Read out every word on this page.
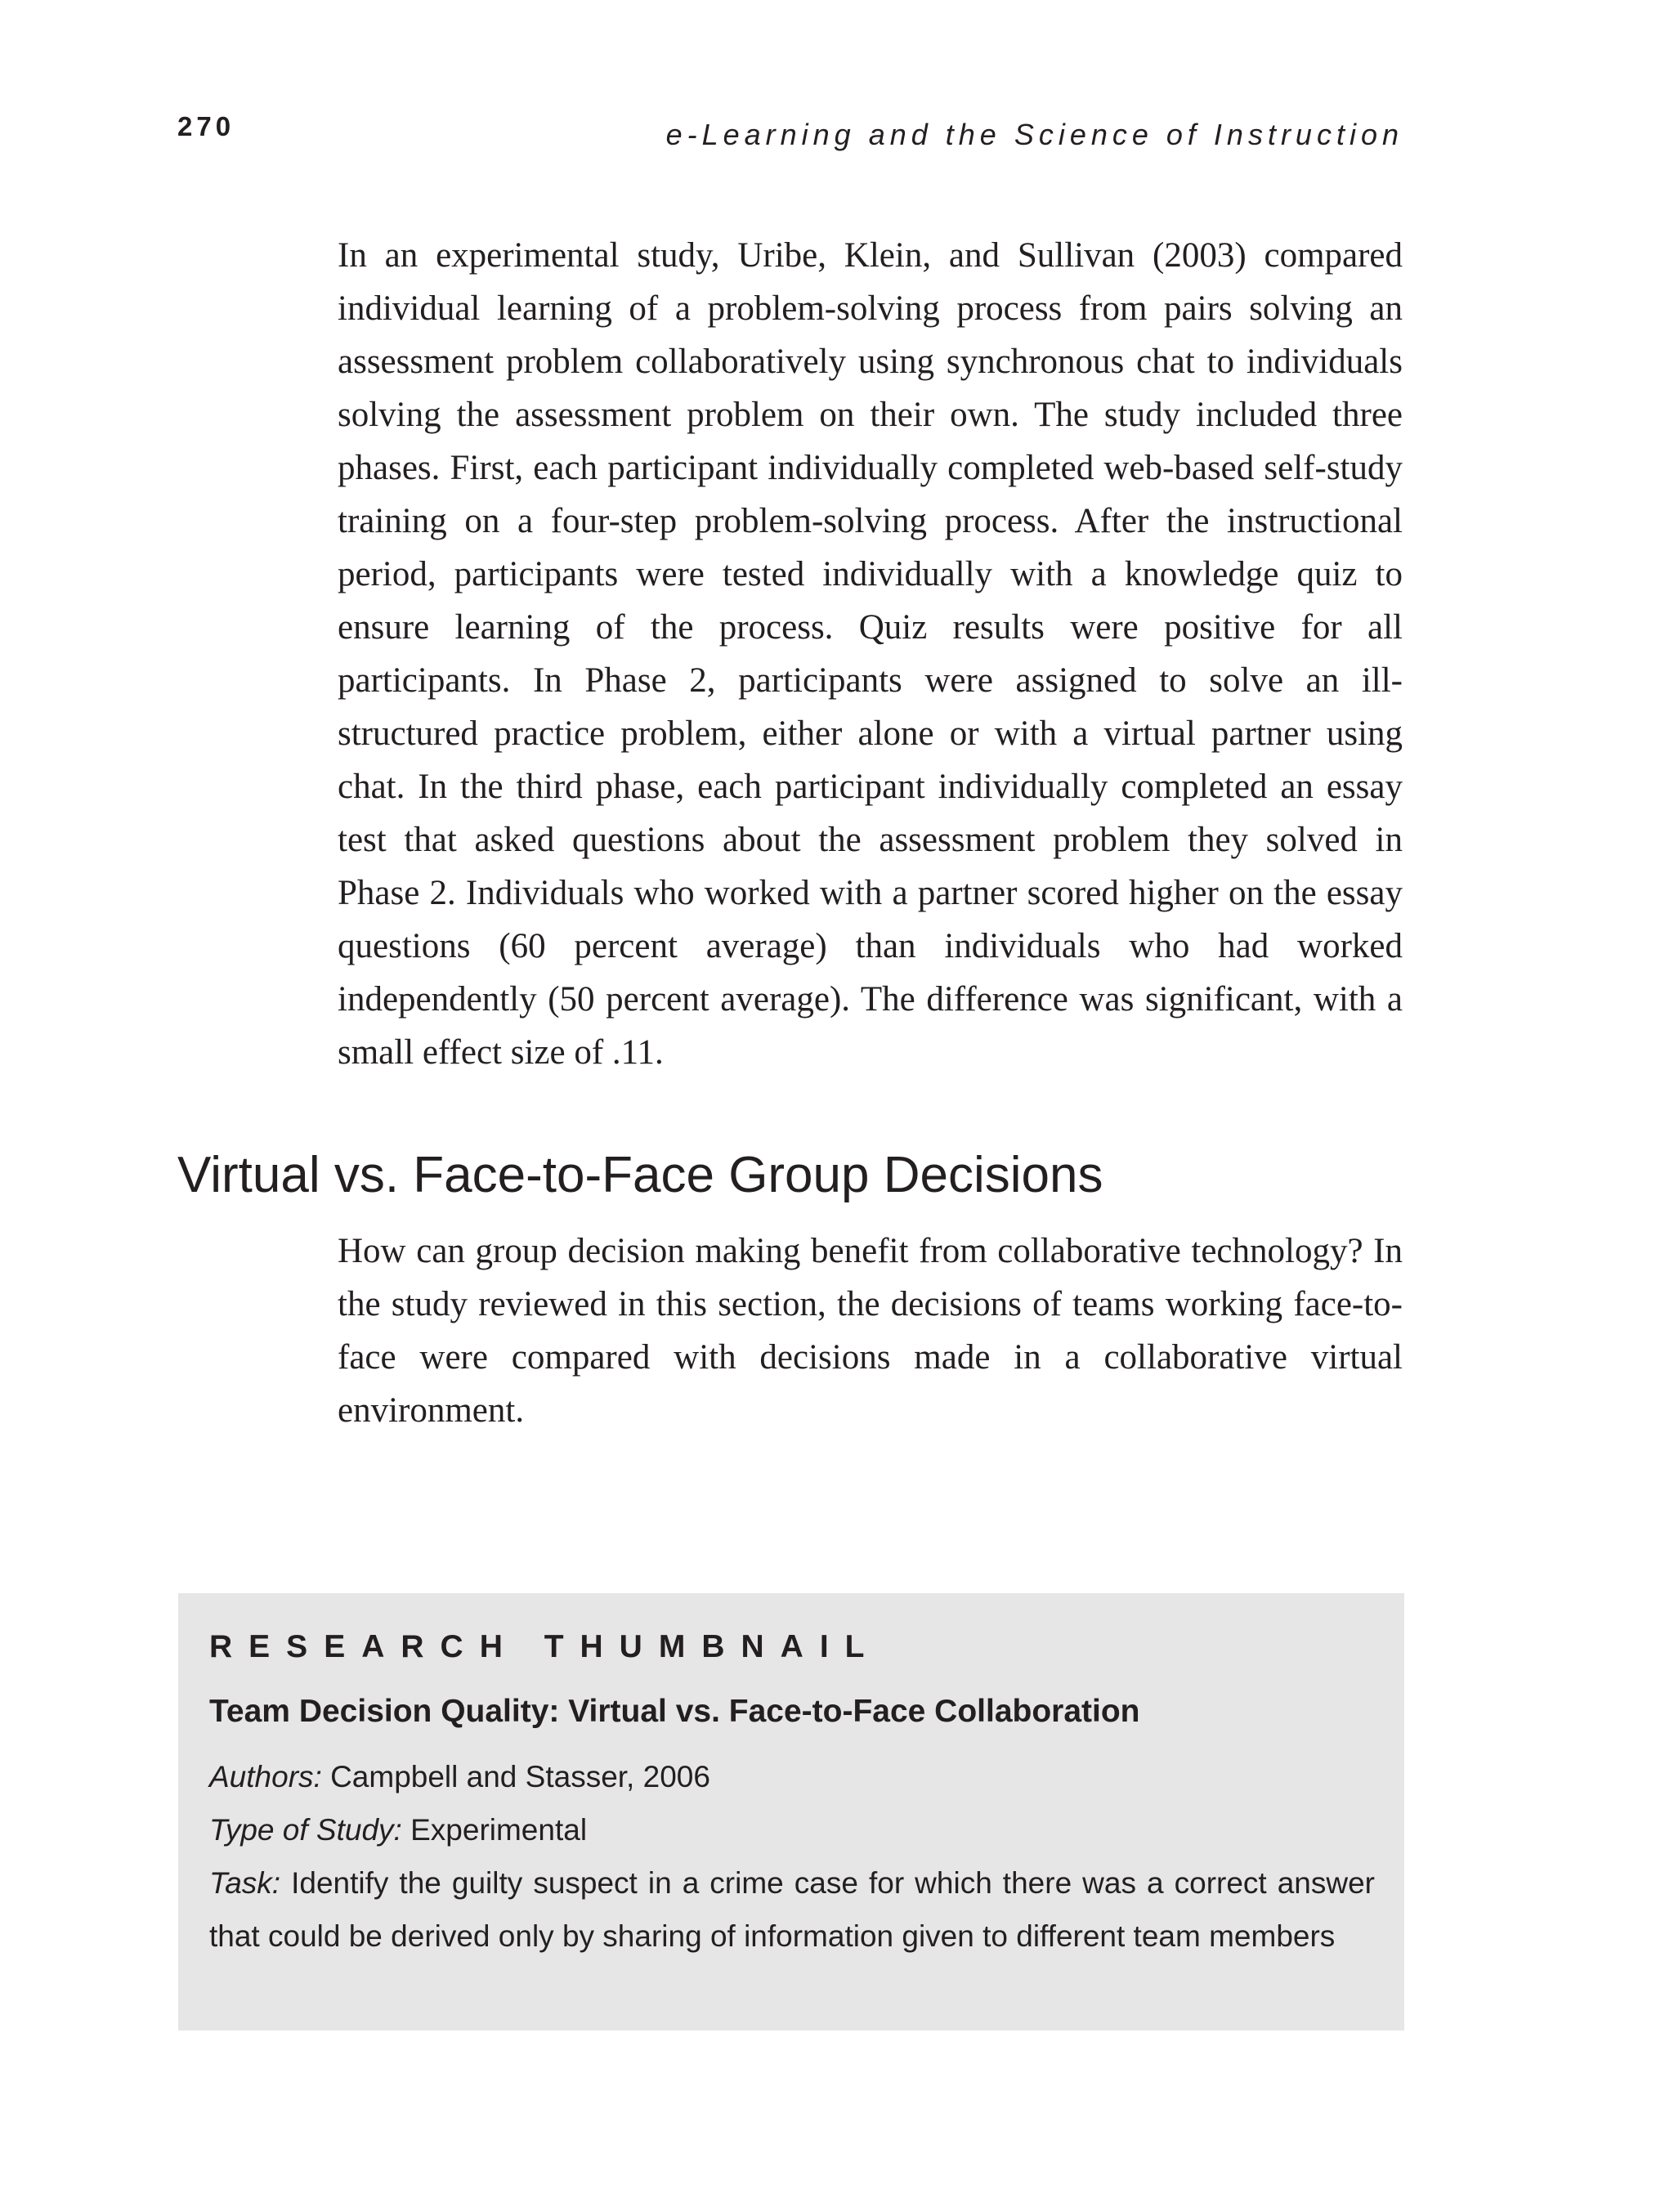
270	e-Learning and the Science of Instruction

In an experimental study, Uribe, Klein, and Sullivan (2003) compared individual learning of a problem-solving process from pairs solving an assessment problem collaboratively using synchronous chat to individuals solving the assessment problem on their own. The study included three phases. First, each participant individually completed web-based self-study training on a four-step problem-solving process. After the instructional period, participants were tested individually with a knowledge quiz to ensure learning of the process. Quiz results were positive for all participants. In Phase 2, participants were assigned to solve an ill-structured practice problem, either alone or with a virtual partner using chat. In the third phase, each participant individually completed an essay test that asked questions about the assessment problem they solved in Phase 2. Individuals who worked with a partner scored higher on the essay questions (60 percent average) than individuals who had worked independently (50 percent average). The difference was significant, with a small effect size of .11.

Virtual vs. Face-to-Face Group Decisions

How can group decision making benefit from collaborative technology? In the study reviewed in this section, the decisions of teams working face-to-face were compared with decisions made in a collaborative virtual environment.

RESEARCH THUMBNAIL
Team Decision Quality: Virtual vs. Face-to-Face Collaboration
Authors: Campbell and Stasser, 2006
Type of Study: Experimental
Task: Identify the guilty suspect in a crime case for which there was a correct answer that could be derived only by sharing of information given to different team members
